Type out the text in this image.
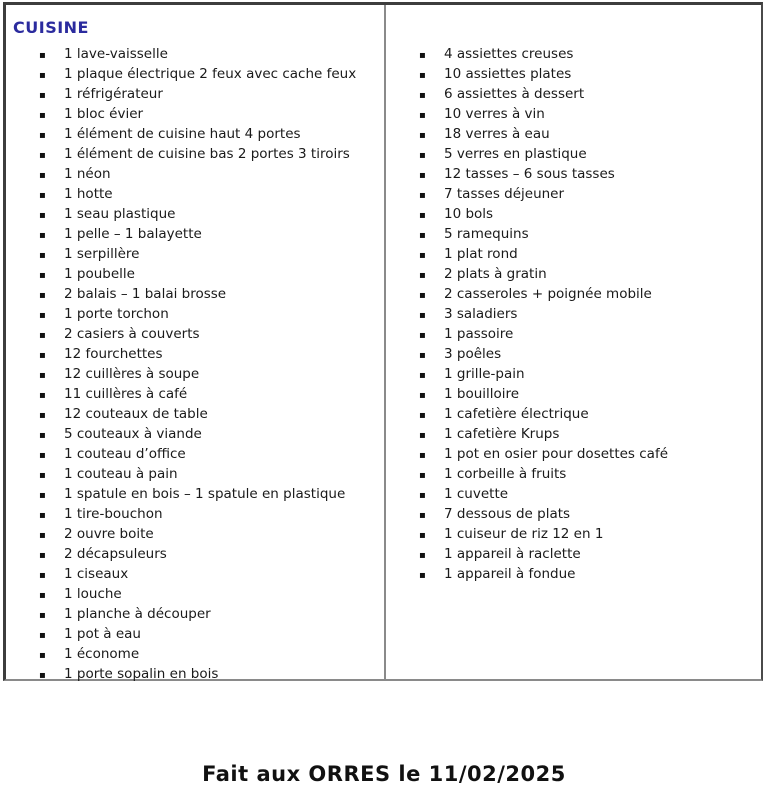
CUISINE
▪	1 lave-vaisselle
▪	1 plaque électrique 2 feux avec cache feux
▪	1 réfrigérateur
▪	1 bloc évier
▪	1 élément de cuisine haut 4 portes
▪	1 élément de cuisine bas 2 portes 3 tiroirs
▪	1 néon
▪	1 hotte
▪	1 seau plastique
▪	1 pelle – 1 balayette
▪	1 serpillère
▪	1 poubelle
▪	2 balais – 1 balai brosse
▪	1 porte torchon
▪	2 casiers à couverts
▪	12 fourchettes
▪	12 cuillères à soupe
▪	11 cuillères à café
▪	12 couteaux de table
▪	5 couteaux à viande
▪	1 couteau d’office
▪	1 couteau à pain
▪	1 spatule en bois – 1 spatule en plastique
▪	1 tire-bouchon
▪	2 ouvre boite
▪	2 décapsuleurs
▪	1 ciseaux
▪	1 louche
▪	1 planche à découper
▪	1 pot à eau
▪	1 économe
▪	1 porte sopalin en bois
▪	4 assiettes creuses
▪	10 assiettes plates
▪	6 assiettes à dessert
▪	10 verres à vin
▪	18 verres à eau
▪	5 verres en plastique
▪	12 tasses – 6 sous tasses
▪	7 tasses déjeuner
▪	10 bols
▪	5 ramequins
▪	1 plat rond
▪	2 plats à gratin
▪	2 casseroles + poignée mobile
▪	3 saladiers
▪	1 passoire
▪	3 poêles
▪	1 grille-pain
▪	1 bouilloire
▪	1 cafetière électrique
▪	1 cafetière Krups
▪	1 pot en osier pour dosettes café
▪	1 corbeille à fruits
▪	1 cuvette
▪	7 dessous de plats
▪	1 cuiseur de riz 12 en 1
▪	1 appareil à raclette
▪	1 appareil à fondue
Fait aux ORRES le 11/02/2025
